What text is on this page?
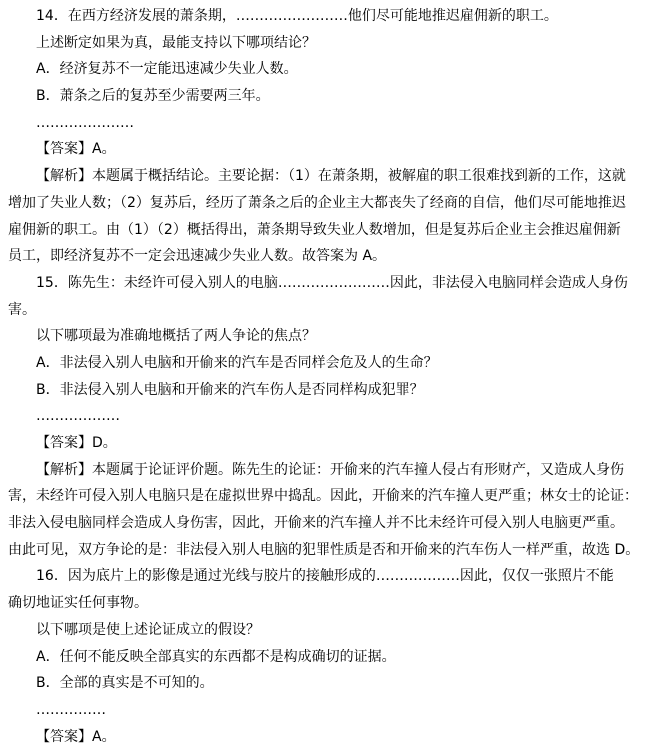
14．在西方经济发展的萧条期，……………………他们尽可能地推迟雇佣新的职工。
上述断定如果为真，最能支持以下哪项结论？
A．经济复苏不一定能迅速减少失业人数。
B．萧条之后的复苏至少需要两三年。
…………………
【答案】A。
【解析】本题属于概括结论。主要论据：（1）在萧条期，被解雇的职工很难找到新的工作，这就
增加了失业人数；（2）复苏后，经历了萧条之后的企业主大都丧失了经商的自信，他们尽可能地推迟
雇佣新的职工。由（1）（2）概括得出，萧条期导致失业人数增加，但是复苏后企业主会推迟雇佣新
员工，即经济复苏不一定会迅速减少失业人数。故答案为 A。
15．陈先生：未经许可侵入别人的电脑……………………因此，非法侵入电脑同样会造成人身伤
害。
以下哪项最为准确地概括了两人争论的焦点？
A．非法侵入别人电脑和开偷来的汽车是否同样会危及人的生命？
B．非法侵入别人电脑和开偷来的汽车伤人是否同样构成犯罪？
………………
【答案】D。
【解析】本题属于论证评价题。陈先生的论证：开偷来的汽车撞人侵占有形财产，又造成人身伤
害，未经许可侵入别人电脑只是在虚拟世界中捣乱。因此，开偷来的汽车撞人更严重；林女士的论证：
非法入侵电脑同样会造成人身伤害，因此，开偷来的汽车撞人并不比未经许可侵入别人电脑更严重。
由此可见，双方争论的是：非法侵入别人电脑的犯罪性质是否和开偷来的汽车伤人一样严重，故选 D。
16．因为底片上的影像是通过光线与胶片的接触形成的………………因此，仅仅一张照片不能
确切地证实任何事物。
以下哪项是使上述论证成立的假设？
A．任何不能反映全部真实的东西都不是构成确切的证据。
B．全部的真实是不可知的。
……………
【答案】A。
